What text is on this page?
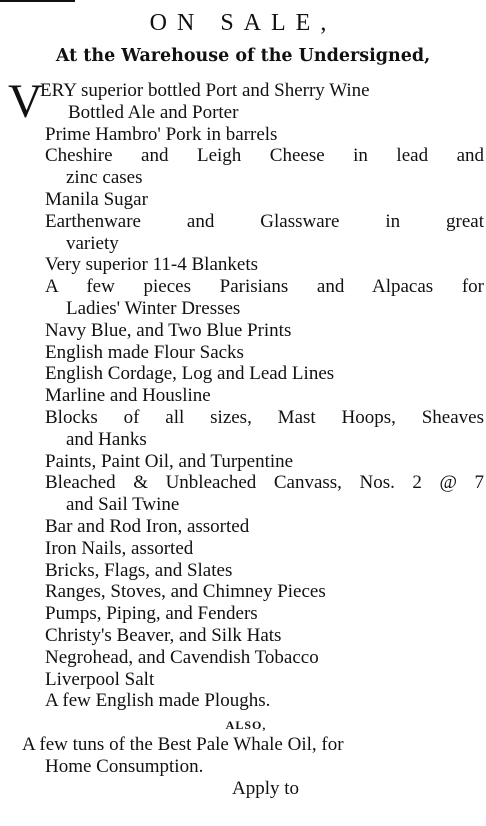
ON SALE,
At the Warehouse of the Undersigned,
V
ERY superior bottled Port and Sherry Wine
Bottled Ale and Porter
Prime Hambro' Pork in barrels
Cheshire and Leigh Cheese in lead and
zinc cases
Manila Sugar
Earthenware and Glassware in great
variety
Very superior 11-4 Blankets
A few pieces Parisians and Alpacas for
Ladies' Winter Dresses
Navy Blue, and Two Blue Prints
English made Flour Sacks
English Cordage, Log and Lead Lines
Marline and Housline
Blocks of all sizes, Mast Hoops, Sheaves
and Hanks
Paints, Paint Oil, and Turpentine
Bleached & Unbleached Canvass, Nos. 2 @ 7
and Sail Twine
Bar and Rod Iron, assorted
Iron Nails, assorted
Bricks, Flags, and Slates
Ranges, Stoves, and Chimney Pieces
Pumps, Piping, and Fenders
Christy's Beaver, and Silk Hats
Negrohead, and Cavendish Tobacco
Liverpool Salt
A few English made Ploughs.
ALSO,
A few tuns of the Best Pale Whale Oil, for
Home Consumption.
Apply to
